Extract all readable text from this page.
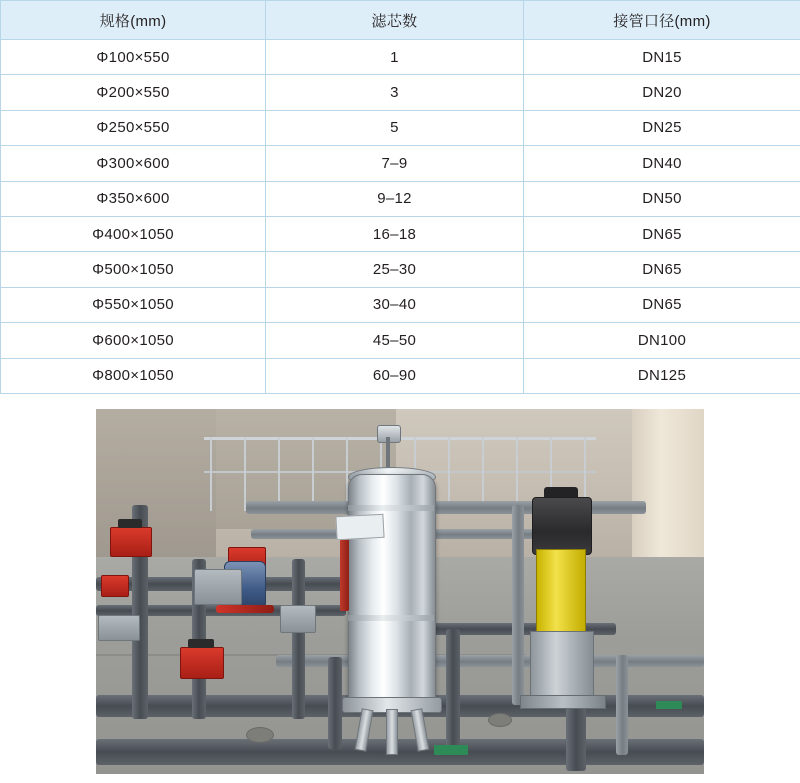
规格(mm)	滤芯数	接管口径(mm)
Φ100×550	1	DN15
Φ200×550	3	DN20
Φ250×550	5	DN25
Φ300×600	7–9	DN40
Φ350×600	9–12	DN50
Φ400×1050	16–18	DN65
Φ500×1050	25–30	DN65
Φ550×1050	30–40	DN65
Φ600×1050	45–50	DN100
Φ800×1050	60–90	DN125
